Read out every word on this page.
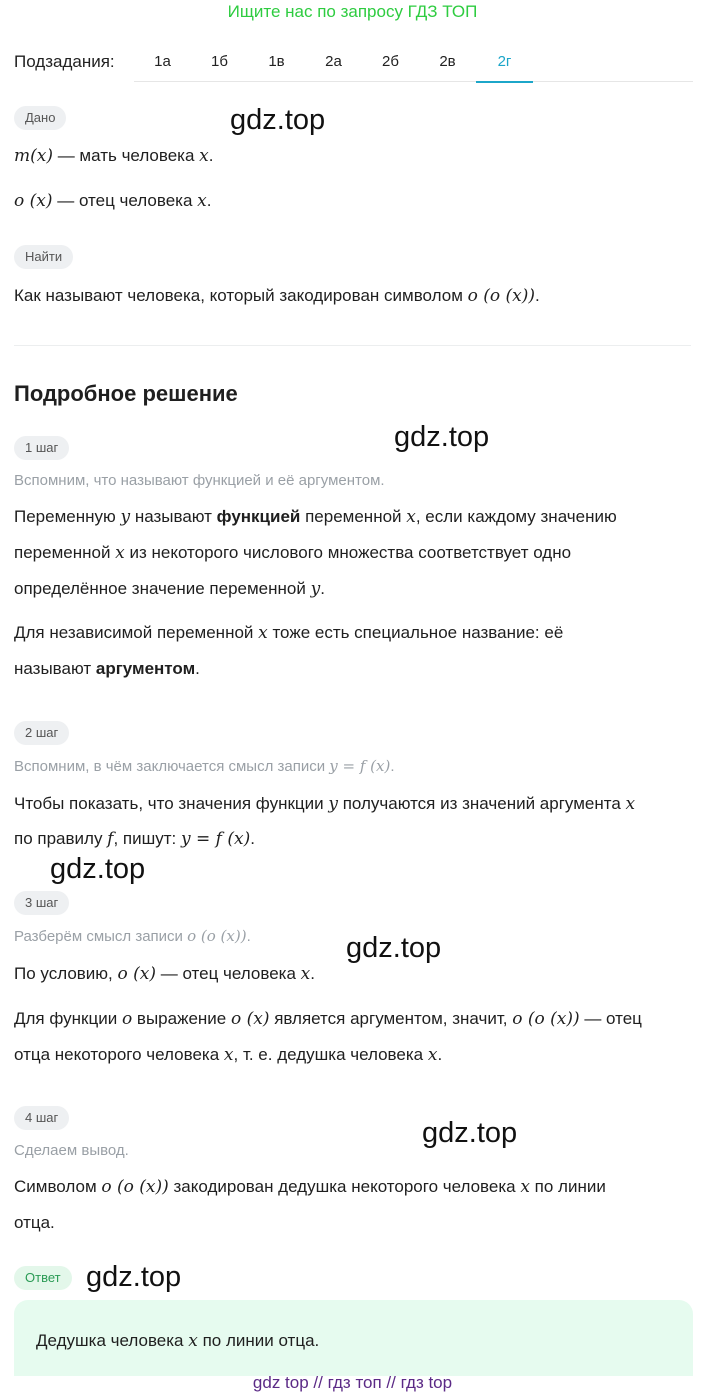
Ищите нас по запросу ГДЗ ТОП
Подзадания:	1а	1б	1в	2а	2б	2в	2г
Дано
m(x) — мать человека x.
o (x) — отец человека x.
Найти
Как называют человека, который закодирован символом o (o (x)).
Подробное решение
1 шаг
Вспомним, что называют функцией и её аргументом.
Переменную y называют функцией переменной x, если каждому значению
переменной x из некоторого числового множества соответствует одно
определённое значение переменной y.
Для независимой переменной x тоже есть специальное название: её
называют аргументом.
2 шаг
Вспомним, в чём заключается смысл записи y = f (x).
Чтобы показать, что значения функции y получаются из значений аргумента x
по правилу f, пишут: y = f (x).
3 шаг
Разберём смысл записи o (o (x)).
По условию, o (x) — отец человека x.
Для функции o выражение o (x) является аргументом, значит, o (o (x)) — отец
отца некоторого человека x, т. е. дедушка человека x.
4 шаг
Сделаем вывод.
Символом o (o (x)) закодирован дедушка некоторого человека x по линии
отца.
Ответ
Дедушка человека x по линии отца.
gdz.top
gdz.top
gdz.top
gdz.top
gdz.top
gdz.top
gdz top // гдз топ // гдз top
